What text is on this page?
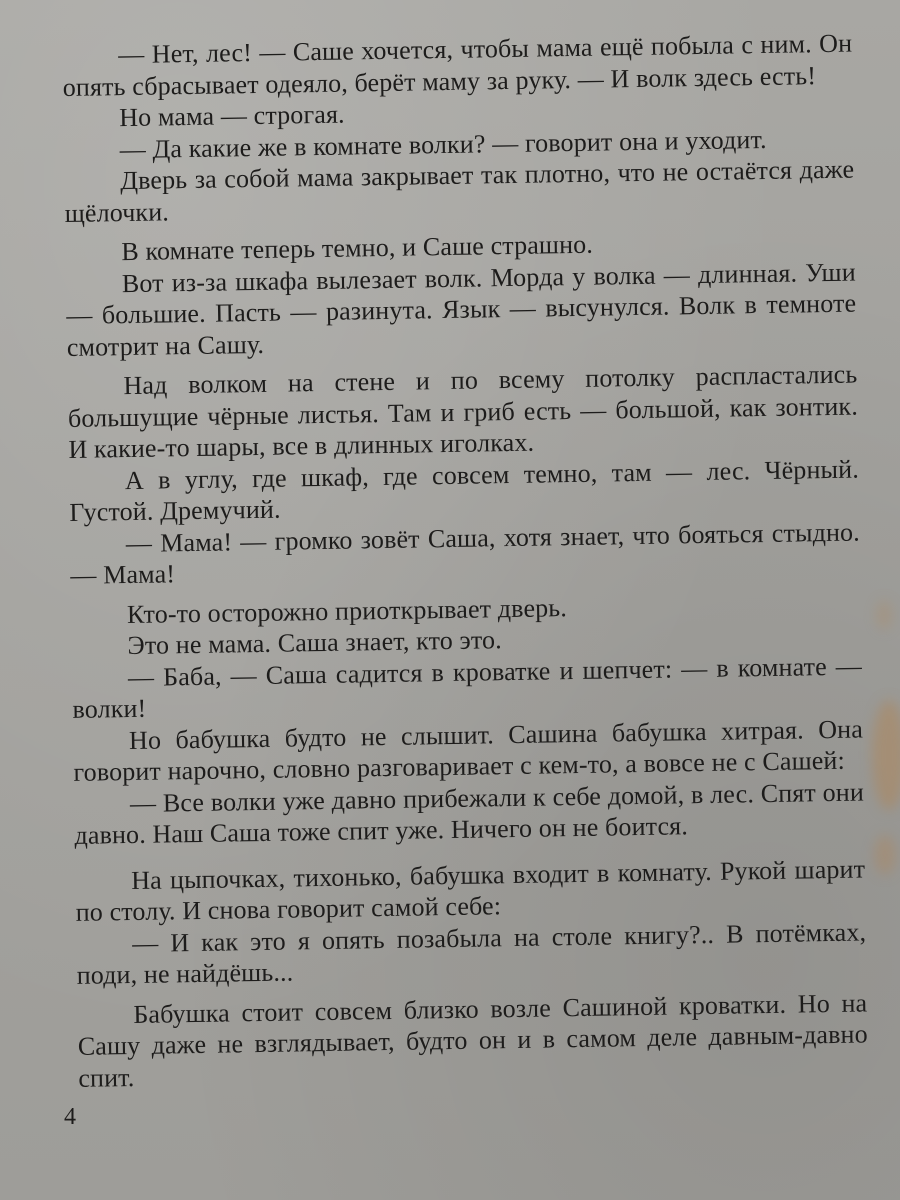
— Нет, лес! — Саше хочется, чтобы мама ещё побыла с ним. Он опять сбрасывает одеяло, берёт маму за руку. — И волк здесь есть!

Но мама — строгая.

— Да какие же в комнате волки? — говорит она и уходит.

Дверь за собой мама закрывает так плотно, что не остаётся даже щёлочки.

В комнате теперь темно, и Саше страшно.

Вот из-за шкафа вылезает волк. Морда у волка — длинная. Уши — большие. Пасть — разинута. Язык — высунулся. Волк в темноте смотрит на Сашу.

Над волком на стене и по всему потолку распластались большущие чёрные листья. Там и гриб есть — большой, как зонтик. И какие-то шары, все в длинных иголках.

А в углу, где шкаф, где совсем темно, там — лес. Чёрный. Густой. Дремучий.

— Мама! — громко зовёт Саша, хотя знает, что бояться стыдно.— Мама!

Кто-то осторожно приоткрывает дверь.

Это не мама. Саша знает, кто это.

— Баба, — Саша садится в кроватке и шепчет: — в комнате — волки!

Но бабушка будто не слышит. Сашина бабушка хитрая. Она говорит нарочно, словно разговаривает с кем-то, а вовсе не с Сашей:

— Все волки уже давно прибежали к себе домой, в лес. Спят они давно. Наш Саша тоже спит уже. Ничего он не боится.

На цыпочках, тихонько, бабушка входит в комнату. Рукой шарит по столу. И снова говорит самой себе:

— И как это я опять позабыла на столе книгу?.. В потёмках, поди, не найдёшь...

Бабушка стоит совсем близко возле Сашиной кроватки. Но на Сашу даже не взглядывает, будто он и в самом деле давным-давно спит.

4
